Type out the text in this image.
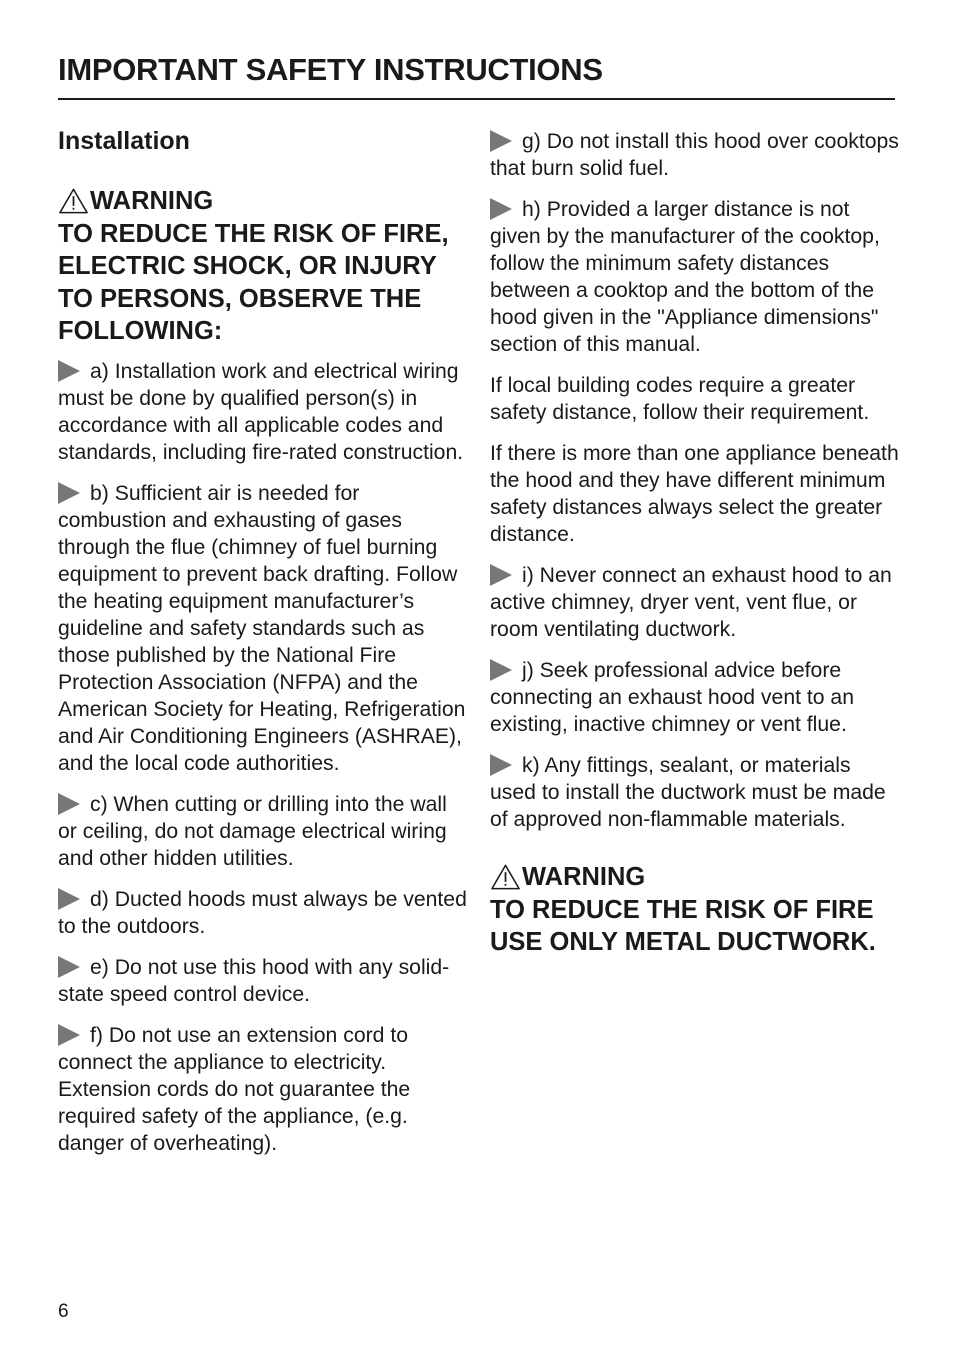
IMPORTANT SAFETY INSTRUCTIONS
Installation
WARNING
TO REDUCE THE RISK OF FIRE, ELECTRIC SHOCK, OR INJURY TO PERSONS, OBSERVE THE FOLLOWING:

a) Installation work and electrical wiring must be done by qualified person(s) in accordance with all applicable codes and standards, including fire-rated construction.

b) Sufficient air is needed for combustion and exhausting of gases through the flue (chimney of fuel burning equipment to prevent back drafting. Follow the heating equipment manufacturer’s guideline and safety standards such as those published by the National Fire Protection Association (NFPA) and the American Society for Heating, Refrigeration and Air Conditioning Engineers (ASHRAE), and the local code authorities.

c) When cutting or drilling into the wall or ceiling, do not damage electrical wiring and other hidden utilities.

d) Ducted hoods must always be vented to the outdoors.

e) Do not use this hood with any solid-state speed control device.

f) Do not use an extension cord to connect the appliance to electricity. Extension cords do not guarantee the required safety of the appliance, (e.g. danger of overheating).

g) Do not install this hood over cooktops that burn solid fuel.

h) Provided a larger distance is not given by the manufacturer of the cooktop, follow the minimum safety distances between a cooktop and the bottom of the hood given in the "Appliance dimensions" section of this manual.

If local building codes require a greater safety distance, follow their requirement.

If there is more than one appliance beneath the hood and they have different minimum safety distances always select the greater distance.

i) Never connect an exhaust hood to an active chimney, dryer vent, vent flue, or room ventilating ductwork.

j) Seek professional advice before connecting an exhaust hood vent to an existing, inactive chimney or vent flue.

k) Any fittings, sealant, or materials used to install the ductwork must be made of approved non-flammable materials.

WARNING
TO REDUCE THE RISK OF FIRE USE ONLY METAL DUCTWORK.
6
